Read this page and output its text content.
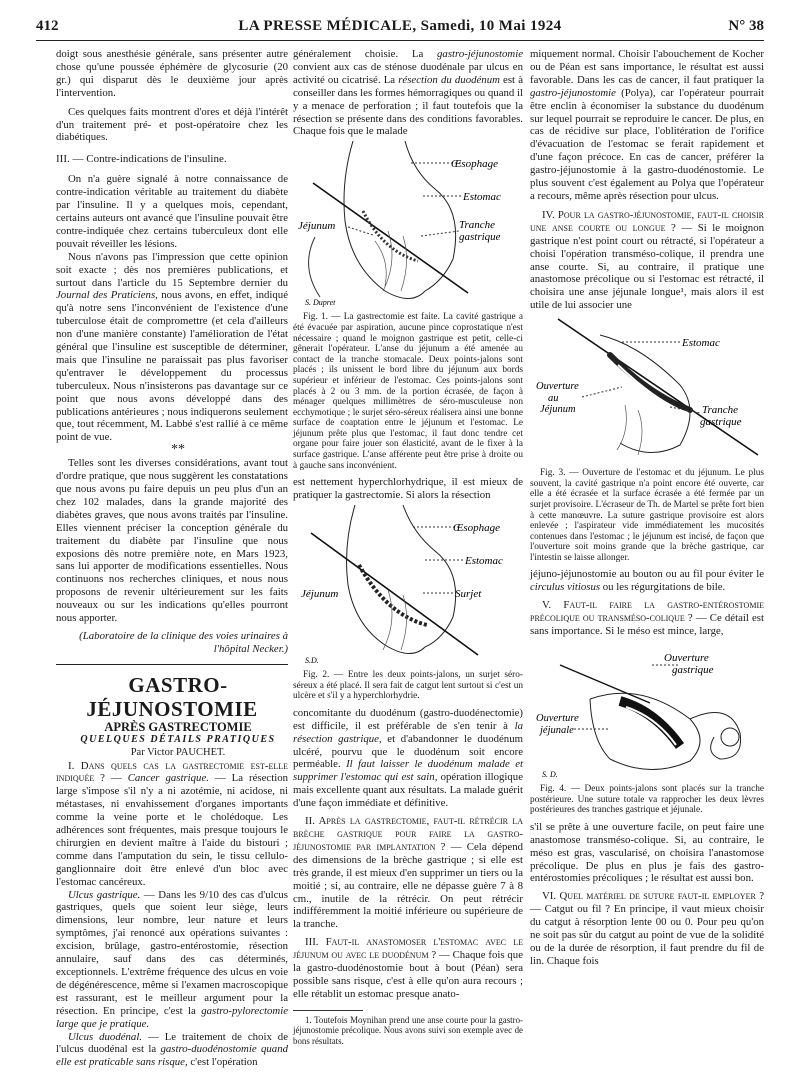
412	LA PRESSE MÉDICALE, Samedi, 10 Mai 1924	N° 38

doigt sous anesthésie générale, sans présenter autre chose qu'une poussée éphémère de glycosurie (20 gr.) qui disparut dès le deuxième jour après l'intervention.

Ces quelques faits montrent d'ores et déjà l'intérêt d'un traitement pré- et post-opératoire chez les diabétiques.

III. — Contre-indications de l'insuline.

On n'a guère signalé à notre connaissance de contre-indication véritable au traitement du diabète par l'insuline. Il y a quelques mois, cependant, certains auteurs ont avancé que l'insuline pouvait être contre-indiquée chez certains tuberculeux dont elle pouvait réveiller les lésions.

Nous n'avons pas l'impression que cette opinion soit exacte ; dès nos premières publications, et surtout dans l'article du 15 Septembre dernier du Journal des Praticiens, nous avons, en effet, indiqué qu'à notre sens l'inconvénient de l'existence d'une tuberculose était de compromettre (et cela d'ailleurs non d'une manière constante) l'amélioration de l'état général que l'insuline est susceptible de déterminer, mais que l'insuline ne paraissait pas plus favoriser qu'entraver le développement du processus tuberculeux. Nous n'insisterons pas davantage sur ce point que nous avons développé dans des publications antérieures ; nous indiquerons seulement que, tout récemment, M. Labbé s'est rallié à ce même point de vue.

**

Telles sont les diverses considérations, avant tout d'ordre pratique, que nous suggèrent les constatations que nous avons pu faire depuis un peu plus d'un an chez 102 malades, dans la grande majorité des diabètes graves, que nous avons traités par l'insuline. Elles viennent préciser la conception générale du traitement du diabète par l'insuline que nous exposions dès notre première note, en Mars 1923, sans lui apporter de modifications essentielles. Nous continuons nos recherches cliniques, et nous nous proposons de revenir ultérieurement sur les faits nouveaux ou sur les indications qu'elles pourront nous apporter.

(Laboratoire de la clinique des voies urinaires à l'hôpital Necker.)

GASTRO-JÉJUNOSTOMIE

APRÈS GASTRECTOMIE

QUELQUES DÉTAILS PRATIQUES

Par Victor PAUCHET.

I. Dans quels cas la gastrectomie est-elle indiquée ? — Cancer gastrique. — La résection large s'impose s'il n'y a ni azotémie, ni acidose, ni métastases, ni envahissement d'organes importants comme la veine porte et le cholédoque. Les adhérences sont fréquentes, mais presque toujours le chirurgien en devient maître à l'aide du bistouri ; comme dans l'amputation du sein, le tissu cellulo-ganglionnaire doit être enlevé d'un bloc avec l'estomac cancéreux.

Ulcus gastrique. — Dans les 9/10 des cas d'ulcus gastriques, quels que soient leur siège, leurs dimensions, leur nombre, leur nature et leurs symptômes, j'ai renoncé aux opérations suivantes : excision, brûlage, gastro-entérostomie, résection annulaire, sauf dans des cas déterminés, exceptionnels. L'extrême fréquence des ulcus en voie de dégénérescence, même si l'examen macroscopique est rassurant, est le meilleur argument pour la résection. En principe, c'est la gastro-pylorectomie large que je pratique.

Ulcus duodénal. — Le traitement de choix de l'ulcus duodénal est la gastro-duodénostomie quand elle est praticable sans risque, c'est l'opération

généralement choisie. La gastro-jéjunostomie convient aux cas de sténose duodénale par ulcus en activité ou cicatrisé. La résection du duodénum est à conseiller dans les formes hémorragiques ou quand il y a menace de perforation ; il faut toutefois que la résection se présente dans des conditions favorables. Chaque fois que le malade

Œsophage
Estomac
Jéjunum	Tranche
gastrique
S. Dupret

Fig. 1. — La gastrectomie est faite. La cavité gastrique a été évacuée par aspiration, aucune pince coprostatique n'est nécessaire ; quand le moignon gastrique est petit, celle-ci gênerait l'opérateur. L'anse du jéjunum a été amenée au contact de la tranche stomacale. Deux points-jalons sont placés ; ils unissent le bord libre du jéjunum aux bords supérieur et inférieur de l'estomac. Ces points-jalons sont placés à 2 ou 3 mm. de la portion écrasée, de façon à ménager quelques millimètres de séro-musculeuse non ecchymotique ; le surjet séro-séreux réalisera ainsi une bonne surface de coaptation entre le jéjunum et l'estomac. Le jéjunum prête plus que l'estomac, il faut donc tendre cet organe pour faire jouer son élasticité, avant de le fixer à la surface gastrique. L'anse afférente peut être prise à droite ou à gauche sans inconvénient.

est nettement hyperchlorhydrique, il est mieux de pratiquer la gastrectomie. Si alors la résection

Œsophage
Estomac
Surjet
Jéjunum
S.D.

Fig. 2. — Entre les deux points-jalons, un surjet séro-séreux a été placé. Il sera fait de catgut lent surtout si c'est un ulcère et s'il y a hyperchlorhydrie.

concomitante du duodénum (gastro-duodénectomie) est difficile, il est préférable de s'en tenir à la résection gastrique, et d'abandonner le duodénum ulcéré, pourvu que le duodénum soit encore perméable. Il faut laisser le duodénum malade et supprimer l'estomac qui est sain, opération illogique mais excellente quant aux résultats. La malade guérit d'une façon immédiate et définitive.

II. Après la gastrectomie, faut-il rétrécir la brèche gastrique pour faire la gastro-jéjunostomie par implantation ? — Cela dépend des dimensions de la brèche gastrique ; si elle est très grande, il est mieux d'en supprimer un tiers ou la moitié ; si, au contraire, elle ne dépasse guère 7 à 8 cm., inutile de la rétrécir. On peut rétrécir indifféremment la moitié inférieure ou supérieure de la tranche.

III. Faut-il anastomoser l'estomac avec le jéjunum ou avec le duodénum ? — Chaque fois que la gastro-duodénostomie bout à bout (Péan) sera possible sans risque, c'est à elle qu'on aura recours ; elle rétablit un estomac presque anato-

1. Toutefois Moynihan prend une anse courte pour la gastro-jéjunostomie précolique. Nous avons suivi son exemple avec de bons résultats.

miquement normal. Choisir l'abouchement de Kocher ou de Péan est sans importance, le résultat est aussi favorable. Dans les cas de cancer, il faut pratiquer la gastro-jéjunostomie (Polya), car l'opérateur pourrait être enclin à économiser la substance du duodénum sur lequel pourrait se reproduire le cancer. De plus, en cas de récidive sur place, l'oblitération de l'orifice d'évacuation de l'estomac se ferait rapidement et d'une façon précoce. En cas de cancer, préférer la gastro-jéjunostomie à la gastro-duodénostomie. Le plus souvent c'est également au Polya que l'opérateur a recours, même après résection pour ulcus.

IV. Pour la gastro-jéjunostomie, faut-il choisir une anse courte ou longue ? — Si le moignon gastrique n'est point court ou rétracté, si l'opérateur a choisi l'opération transméso-colique, il prendra une anse courte. Si, au contraire, il pratique une anastomose précolique ou si l'estomac est rétracté, il choisira une anse jéjunale longue¹, mais alors il est utile de lui associer une

Estomac
Ouverture
au
Jéjunum	Tranche
gastrique

Fig. 3. — Ouverture de l'estomac et du jéjunum. Le plus souvent, la cavité gastrique n'a point encore été ouverte, car elle a été écrasée et la surface écrasée a été fermée par un surjet provisoire. L'écraseur de Th. de Martel se prête fort bien à cette manœuvre. La suture gastrique provisoire est alors enlevée ; l'aspirateur vide immédiatement les mucosités contenues dans l'estomac ; le jéjunum est incisé, de façon que l'ouverture soit moins grande que la brèche gastrique, car l'intestin se laisse allonger.

jéjuno-jéjunostomie au bouton ou au fil pour éviter le circulus vitiosus ou les régurgitations de bile.

V. Faut-il faire la gastro-entérostomie précolique ou transméso-colique ? — Ce détail est sans importance. Si le méso est mince, large,

Ouverture
gastrique
Ouverture
jéjunale
S. D.

Fig. 4. — Deux points-jalons sont placés sur la tranche postérieure. Une suture totale va rapprocher les deux lèvres postérieures des tranches gastrique et jéjunale.

s'il se prête à une ouverture facile, on peut faire une anastomose transméso-colique. Si, au contraire, le méso est gras, vascularisé, on choisira l'anastomose précolique. De plus en plus je fais des gastro-entérostomies précoliques ; le résultat est aussi bon.

VI. Quel matériel de suture faut-il employer ? — Catgut ou fil ? En principe, il vaut mieux choisir du catgut à résorption lente 00 ou 0. Pour peu qu'on ne soit pas sûr du catgut au point de vue de la solidité ou de la durée de résorption, il faut prendre du fil de lin. Chaque fois
